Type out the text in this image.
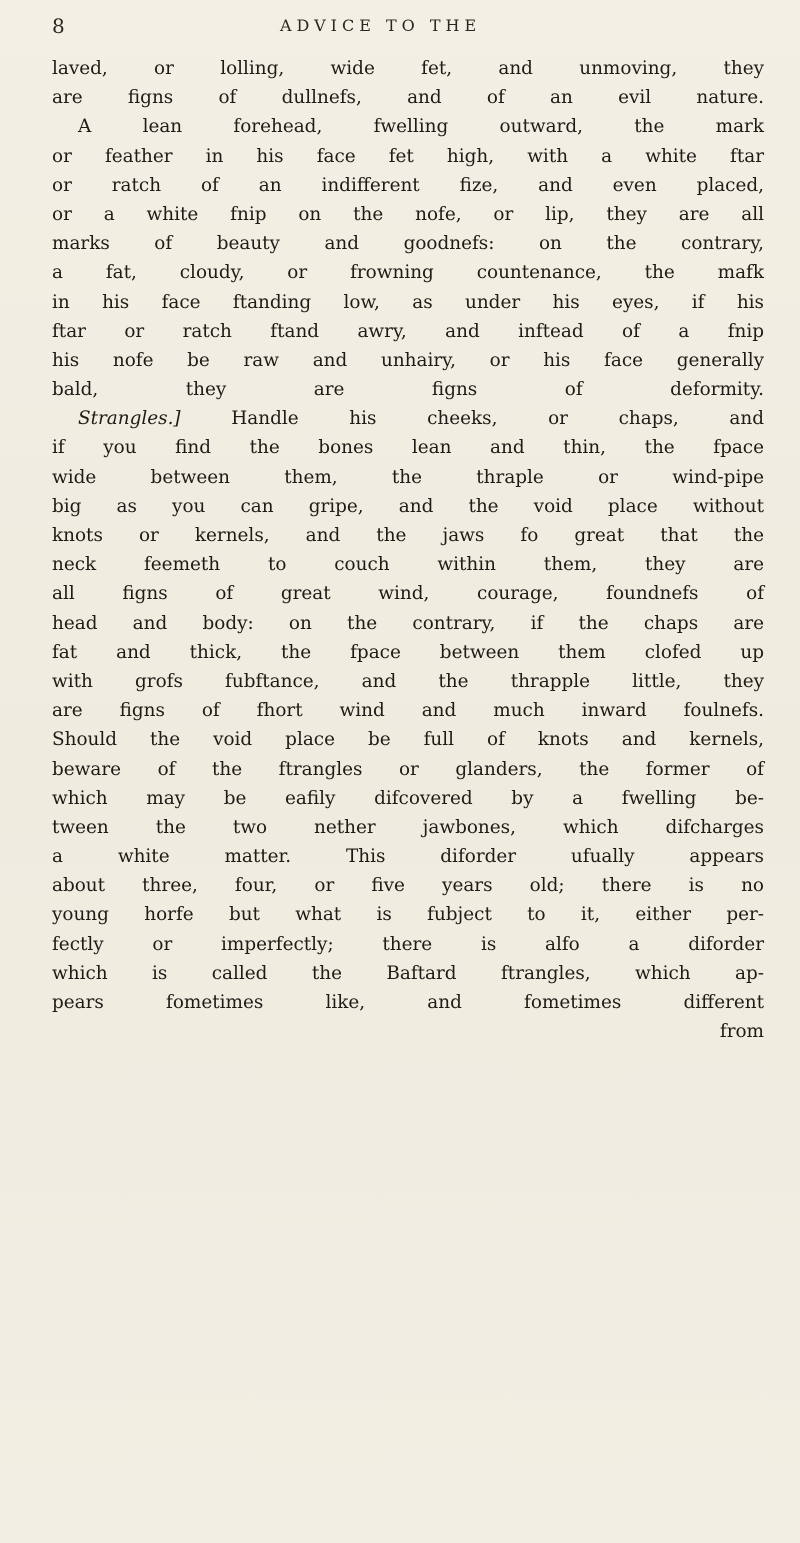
8	ADVICE TO THE
laved, or lolling, wide fet, and unmoving, they
are figns of dullnefs, and of an evil nature.
A lean forehead, fwelling outward, the mark
or feather in his face fet high, with a white ftar
or ratch of an indifferent fize, and even placed,
or a white fnip on the nofe, or lip, they are all
marks of beauty and goodnefs: on the contrary,
a fat, cloudy, or frowning countenance, the mafk
in his face ftanding low, as under his eyes, if his
ftar or ratch ftand awry, and inftead of a fnip
his nofe be raw and unhairy, or his face generally
bald, they are figns of deformity.
Strangles.] Handle his cheeks, or chaps, and
if you find the bones lean and thin, the fpace
wide between them, the thraple or wind-pipe
big as you can gripe, and the void place without
knots or kernels, and the jaws fo great that the
neck feemeth to couch within them, they are
all figns of great wind, courage, foundnefs of
head and body: on the contrary, if the chaps are
fat and thick, the fpace between them clofed up
with grofs fubftance, and the thrapple little, they
are figns of fhort wind and much inward foulnefs.
Should the void place be full of knots and kernels,
beware of the ftrangles or glanders, the former of
which may be eafily difcovered by a fwelling be-
tween the two nether jawbones, which difcharges
a white matter. This diforder ufually appears
about three, four, or five years old; there is no
young horfe but what is fubject to it, either per-
fectly or imperfectly; there is alfo a diforder
which is called the Baftard ftrangles, which ap-
pears fometimes like, and fometimes different
from
